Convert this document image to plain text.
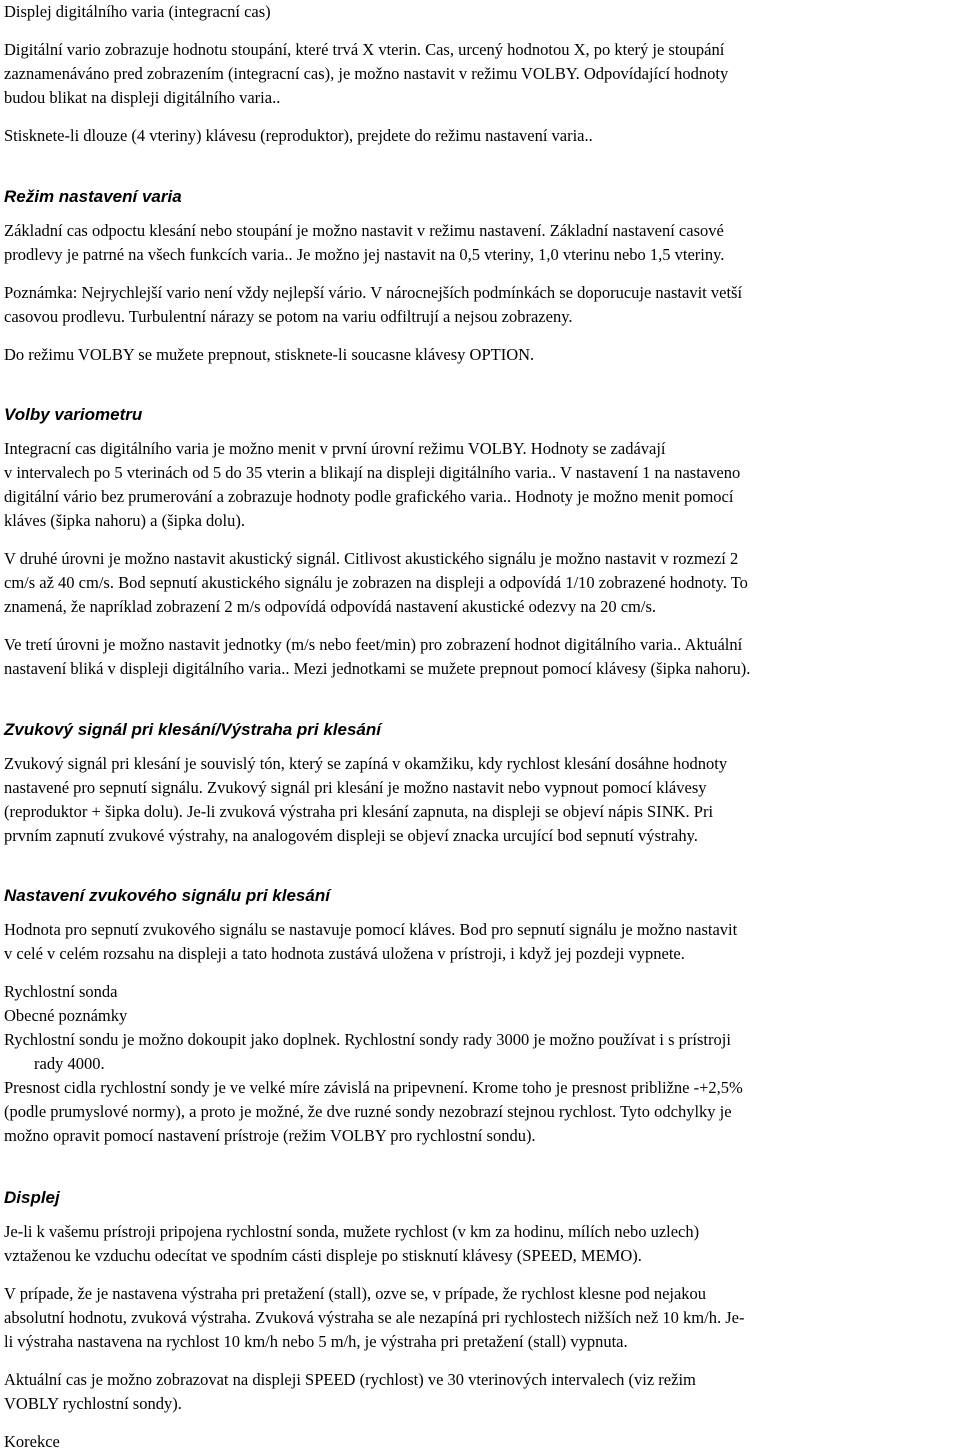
Displej digitálního varia (integracní cas)
Digitální vario zobrazuje hodnotu stoupání, které trvá X vterin. Cas, urcený hodnotou X, po který je stoupání
zaznamenáváno pred zobrazením (integracní cas), je možno nastavit v režimu VOLBY. Odpovídající hodnoty
budou blikat na displeji digitálního varia..
Stisknete-li dlouze (4 vteriny) klávesu (reproduktor), prejdete do režimu nastavení varia..
Režim nastavení varia
Základní cas odpoctu klesání nebo stoupání je možno nastavit v režimu nastavení. Základní nastavení casové
prodlevy je patrné na všech funkcích varia.. Je možno jej nastavit na 0,5 vteriny, 1,0 vterinu nebo 1,5 vteriny.
Poznámka: Nejrychlejší vario není vždy nejlepší vário. V nárocnejších podmínkách se doporucuje nastavit vetší
casovou prodlevu. Turbulentní nárazy se potom na variu odfiltrují a nejsou zobrazeny.
Do režimu VOLBY se mužete prepnout, stisknete-li soucasne klávesy OPTION.
Volby variometru
Integracní cas digitálního varia je možno menit v první úrovní režimu VOLBY. Hodnoty se zadávají
v intervalech po 5 vterinách od 5 do 35 vterin a blikají na displeji digitálního varia.. V nastavení 1 na nastaveno
digitální vário bez prumerování a zobrazuje hodnoty podle grafického varia.. Hodnoty je možno menit pomocí
kláves (šipka nahoru) a (šipka dolu).
V druhé úrovni je možno nastavit akustický signál. Citlivost akustického signálu je možno nastavit v rozmezí 2
cm/s až 40 cm/s. Bod sepnutí akustického signálu je zobrazen na displeji a odpovídá 1/10 zobrazené hodnoty. To
znamená, že napríklad zobrazení 2 m/s odpovídá odpovídá nastavení akustické odezvy na 20 cm/s.
Ve tretí úrovni je možno nastavit jednotky (m/s nebo feet/min) pro zobrazení hodnot digitálního varia.. Aktuální
nastavení bliká v displeji digitálního varia.. Mezi jednotkami se mužete prepnout pomocí klávesy (šipka nahoru).
Zvukový signál pri klesání/Výstraha pri klesání
Zvukový signál pri klesání je souvislý tón, který se zapíná v okamžiku, kdy rychlost klesání dosáhne hodnoty
nastavené pro sepnutí signálu. Zvukový signál pri klesání je možno nastavit nebo vypnout pomocí klávesy
(reproduktor + šipka dolu). Je-li zvuková výstraha pri klesání zapnuta, na displeji se objeví nápis SINK. Pri
prvním zapnutí zvukové výstrahy, na analogovém displeji se objeví znacka urcující bod sepnutí výstrahy.
Nastavení zvukového signálu pri klesání
Hodnota pro sepnutí zvukového signálu se nastavuje pomocí kláves. Bod pro sepnutí signálu je možno nastavit
v celé v celém rozsahu na displeji a tato hodnota zustává uložena v prístroji, i když jej pozdeji vypnete.
Rychlostní sonda
Obecné poznámky
Rychlostní sondu je možno dokoupit jako doplnek. Rychlostní sondy rady 3000 je možno používat i s prístroji
rady 4000.
Presnost cidla rychlostní sondy je ve velké míre závislá na pripevnení. Krome toho je presnost približne -+2,5%
(podle prumyslové normy), a proto je možné, že dve ruzné sondy nezobrazí stejnou rychlost. Tyto odchylky je
možno opravit pomocí nastavení prístroje (režim VOLBY pro rychlostní sondu).
Displej
Je-li k vašemu prístroji pripojena rychlostní sonda, mužete rychlost (v km za hodinu, mílích nebo uzlech)
vztaženou ke vzduchu odecítat ve spodním cásti displeje po stisknutí klávesy (SPEED, MEMO).
V prípade, že je nastavena výstraha pri pretažení (stall), ozve se, v prípade, že rychlost klesne pod nejakou
absolutní hodnotu, zvuková výstraha. Zvuková výstraha se ale nezapíná pri rychlostech nižších než 10 km/h. Je-
li výstraha nastavena na rychlost 10 km/h nebo 5 m/h, je výstraha pri pretažení (stall) vypnuta.
Aktuální cas je možno zobrazovat na displeji SPEED (rychlost) ve 30 vterinových intervalech (viz režim
VOBLY rychlostní sondy).
Korekce
